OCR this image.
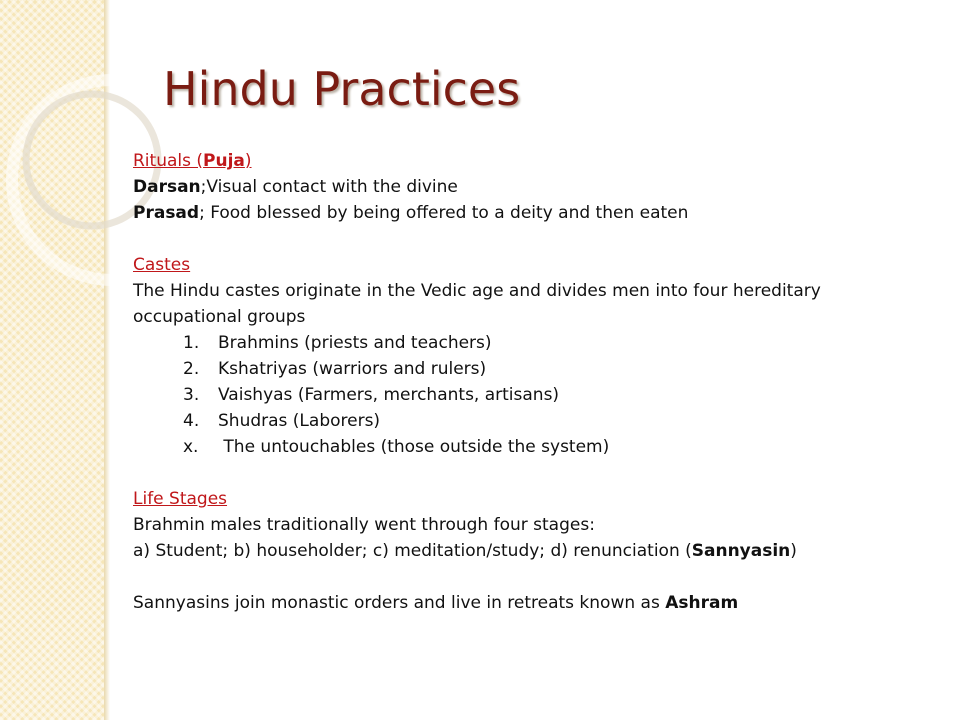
Hindu Practices

Rituals (Puja)

Darsan;Visual contact with the divine

Prasad; Food blessed by being offered to a deity and then eaten

Castes

The Hindu castes originate in the Vedic age and divides men into four hereditary

occupational groups

1.	Brahmins (priests and teachers)
2.	Kshatriyas (warriors and rulers)
3.	Vaishyas (Farmers, merchants, artisans)
4.	Shudras (Laborers)
x.	The untouchables (those outside the system)

Life Stages

Brahmin males traditionally went through four stages:

a) Student; b) householder; c) meditation/study; d) renunciation (Sannyasin)

Sannyasins join monastic orders and live in retreats known as Ashram
